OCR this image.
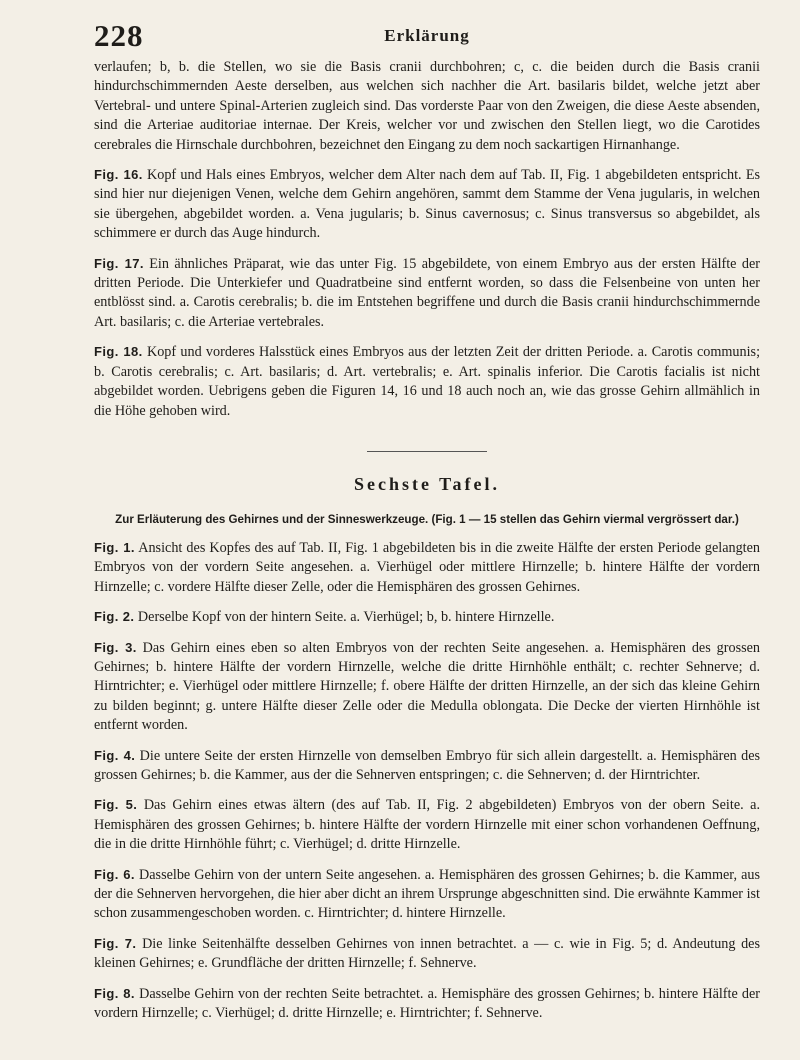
228	Erklärung

verlaufen; b, b. die Stellen, wo sie die Basis cranii durchbohren; c, c. die beiden durch die Basis cranii hindurchschimmernden Aeste derselben, aus welchen sich nachher die Art. basilaris bildet, welche jetzt aber Vertebral- und untere Spinal-Arterien zugleich sind. Das vorderste Paar von den Zweigen, die diese Aeste absenden, sind die Arteriae auditoriae internae. Der Kreis, welcher vor und zwischen den Stellen liegt, wo die Carotides cerebrales die Hirnschale durchbohren, bezeichnet den Eingang zu dem noch sackartigen Hirnanhange.

Fig. 16. Kopf und Hals eines Embryos, welcher dem Alter nach dem auf Tab. II, Fig. 1 abgebildeten entspricht. Es sind hier nur diejenigen Venen, welche dem Gehirn angehören, sammt dem Stamme der Vena jugularis, in welchen sie übergehen, abgebildet worden. a. Vena jugularis; b. Sinus cavernosus; c. Sinus transversus so abgebildet, als schimmere er durch das Auge hindurch.

Fig. 17. Ein ähnliches Präparat, wie das unter Fig. 15 abgebildete, von einem Embryo aus der ersten Hälfte der dritten Periode. Die Unterkiefer und Quadratbeine sind entfernt worden, so dass die Felsenbeine von unten her entblösst sind. a. Carotis cerebralis; b. die im Entstehen begriffene und durch die Basis cranii hindurchschimmernde Art. basilaris; c. die Arteriae vertebrales.

Fig. 18. Kopf und vorderes Halsstück eines Embryos aus der letzten Zeit der dritten Periode. a. Carotis communis; b. Carotis cerebralis; c. Art. basilaris; d. Art. vertebralis; e. Art. spinalis inferior. Die Carotis facialis ist nicht abgebildet worden. Uebrigens geben die Figuren 14, 16 und 18 auch noch an, wie das grosse Gehirn allmählich in die Höhe gehoben wird.

Sechste Tafel.
Zur Erläuterung des Gehirnes und der Sinneswerkzeuge. (Fig. 1 — 15 stellen das Gehirn viermal vergrössert dar.)

Fig. 1. Ansicht des Kopfes des auf Tab. II, Fig. 1 abgebildeten bis in die zweite Hälfte der ersten Periode gelangten Embryos von der vordern Seite angesehen. a. Vierhügel oder mittlere Hirnzelle; b. hintere Hälfte der vordern Hirnzelle; c. vordere Hälfte dieser Zelle, oder die Hemisphären des grossen Gehirnes.

Fig. 2. Derselbe Kopf von der hintern Seite. a. Vierhügel; b, b. hintere Hirnzelle.

Fig. 3. Das Gehirn eines eben so alten Embryos von der rechten Seite angesehen. a. Hemisphären des grossen Gehirnes; b. hintere Hälfte der vordern Hirnzelle, welche die dritte Hirnhöhle enthält; c. rechter Sehnerve; d. Hirntrichter; e. Vierhügel oder mittlere Hirnzelle; f. obere Hälfte der dritten Hirnzelle, an der sich das kleine Gehirn zu bilden beginnt; g. untere Hälfte dieser Zelle oder die Medulla oblongata. Die Decke der vierten Hirnhöhle ist entfernt worden.

Fig. 4. Die untere Seite der ersten Hirnzelle von demselben Embryo für sich allein dargestellt. a. Hemisphären des grossen Gehirnes; b. die Kammer, aus der die Sehnerven entspringen; c. die Sehnerven; d. der Hirntrichter.

Fig. 5. Das Gehirn eines etwas ältern (des auf Tab. II, Fig. 2 abgebildeten) Embryos von der obern Seite. a. Hemisphären des grossen Gehirnes; b. hintere Hälfte der vordern Hirnzelle mit einer schon vorhandenen Oeffnung, die in die dritte Hirnhöhle führt; c. Vierhügel; d. dritte Hirnzelle.

Fig. 6. Dasselbe Gehirn von der untern Seite angesehen. a. Hemisphären des grossen Gehirnes; b. die Kammer, aus der die Sehnerven hervorgehen, die hier aber dicht an ihrem Ursprunge abgeschnitten sind. Die erwähnte Kammer ist schon zusammengeschoben worden. c. Hirntrichter; d. hintere Hirnzelle.

Fig. 7. Die linke Seitenhälfte desselben Gehirnes von innen betrachtet. a — c. wie in Fig. 5; d. Andeutung des kleinen Gehirnes; e. Grundfläche der dritten Hirnzelle; f. Sehnerve.

Fig. 8. Dasselbe Gehirn von der rechten Seite betrachtet. a. Hemisphäre des grossen Gehirnes; b. hintere Hälfte der vordern Hirnzelle; c. Vierhügel; d. dritte Hirnzelle; e. Hirntrichter; f. Sehnerve.
